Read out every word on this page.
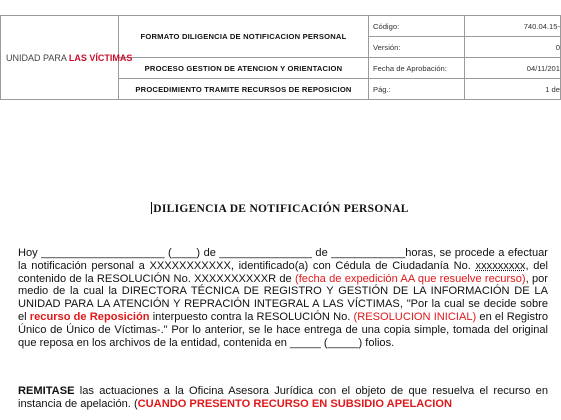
UNIDAD PARA LAS VÍCTIMAS	FORMATO DILIGENCIA DE NOTIFICACION PERSONAL	Código:	740.04.15-
		Versión:	0
	PROCESO GESTION DE ATENCION Y ORIENTACION	Fecha de Aprobación:	04/11/201
	PROCEDIMIENTO TRAMITE RECURSOS DE REPOSICION	Pág.:	1 de
DILIGENCIA DE NOTIFICACIÓN PERSONAL
Hoy ____________________ (____) de _______________ de ____________horas, se procede a efectuar la notificación personal a XXXXXXXXXXX, identificado(a) con Cédula de Ciudadanía No. xxxxxxxxx, del contenido de la RESOLUCIÓN No. XXXXXXXXXXR de (fecha de expedición AA que resuelve recurso), por medio de la cual la DIRECTORA TÉCNICA DE REGISTRO Y GESTIÓN DE LA INFORMACIÓN DE LA UNIDAD PARA LA ATENCIÓN Y REPRACIÓN INTEGRAL A LAS VÍCTIMAS, "Por la cual se decide sobre el recurso de Reposición interpuesto contra la RESOLUCIÓN No. (RESOLUCION INICIAL) en el Registro Único de Único de Víctimas-." Por lo anterior, se le hace entrega de una copia simple, tomada del original que reposa en los archivos de la entidad, contenida en _____ (_____) folios.
REMITASE las actuaciones a la Oficina Asesora Jurídica con el objeto de que resuelva el recurso en instancia de apelación. (CUANDO PRESENTO RECURSO EN SUBSIDIO APELACION
